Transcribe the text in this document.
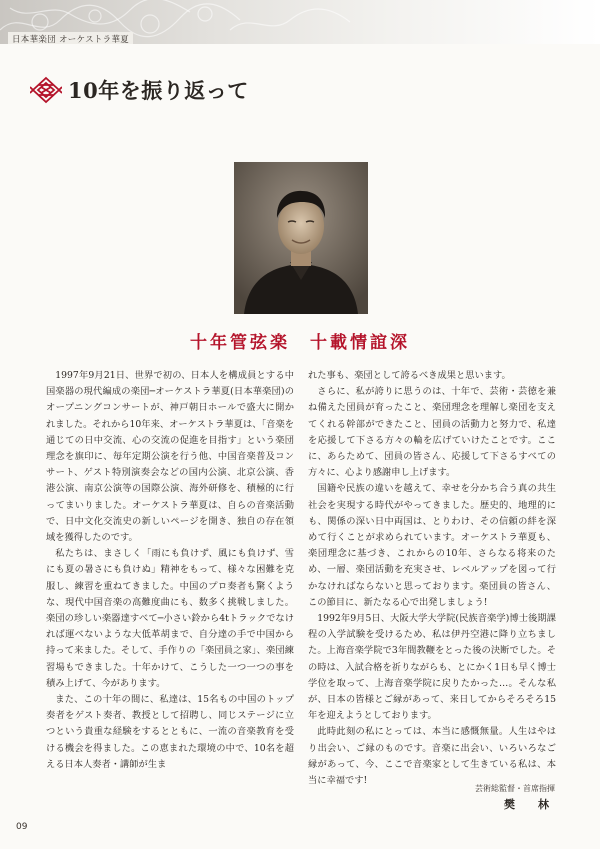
日本華楽団 オーケストラ華夏
10年を振り返って
十年管弦楽　十載情誼深

1997年9月21日、世界で初の、日本人を構成員とする中国楽器の現代編成の楽団─オーケストラ華夏(日本華楽団)のオープニングコンサートが、神戸朝日ホールで盛大に開かれました。それから10年来、オーケストラ華夏は、「音楽を通じての日中交流、心の交流の促進を目指す」という楽団理念を旗印に、毎年定期公演を行う他、中国音楽普及コンサート、ゲスト特別演奏会などの国内公演、北京公演、香港公演、南京公演等の国際公演、海外研修を、積極的に行ってまいりました。オーケストラ華夏は、自らの音楽活動で、日中文化交流史の新しいページを開き、独自の存在領域を獲得したのです。

私たちは、まさしく「雨にも負けず、風にも負けず、雪にも夏の暑さにも負けぬ」精神をもって、様々な困難を克服し、練習を重ねてきました。中国のプロ奏者も驚くような、現代中国音楽の高難度曲にも、数多く挑戦しました。楽団の珍しい楽器達すべて─小さい鈴から4tトラックでなければ運べないような大低革胡まで、自分達の手で中国から持って来ました。そして、手作りの「楽団員之家」、楽団練習場もできました。十年かけて、こうした一つ一つの事を積み上げて、今があります。

また、この十年の間に、私達は、15名もの中国のトップ奏者をゲスト奏者、教授として招聘し、同じステージに立つという貴重な経験をするとともに、一流の音楽教育を受ける機会を得ました。この恵まれた環境の中で、10名を超える日本人奏者・講師が生ま

れた事も、楽団として誇るべき成果と思います。

さらに、私が誇りに思うのは、十年で、芸術・芸徳を兼ね備えた団員が育ったこと、楽団理念を理解し楽団を支えてくれる幹部ができたこと、団員の活動力と努力で、私達を応援して下さる方々の輪を広げていけたことです。ここに、あらためて、団員の皆さん、応援して下さるすべての方々に、心より感謝申し上げます。

国籍や民族の違いを越えて、幸せを分かち合う真の共生社会を実現する時代がやってきました。歴史的、地理的にも、関係の深い日中両国は、とりわけ、その信頼の絆を深めて行くことが求められています。オーケストラ華夏も、楽団理念に基づき、これからの10年、さらなる将来のため、一層、楽団活動を充実させ、レベルアップを図って行かなければならないと思っております。楽団員の皆さん、この節目に、新たなる心で出発しましょう!

1992年9月5日、大阪大学大学院(民族音楽学)博士後期課程の入学試験を受けるため、私は伊丹空港に降り立ちました。上海音楽学院で3年間教鞭をとった後の決断でした。その時は、入試合格を祈りながらも、とにかく1日も早く博士学位を取って、上海音楽学院に戻りたかった…。そんな私が、日本の皆様とご縁があって、来日してからそろそろ15年を迎えようとしております。

此時此刻の私にとっては、本当に感慨無量。人生はやはり出会い、ご縁のものです。音楽に出会い、いろいろなご縁があって、今、ここで音楽家として生きている私は、本当に幸福です!

芸術総監督・首席指揮
樊　林
09
